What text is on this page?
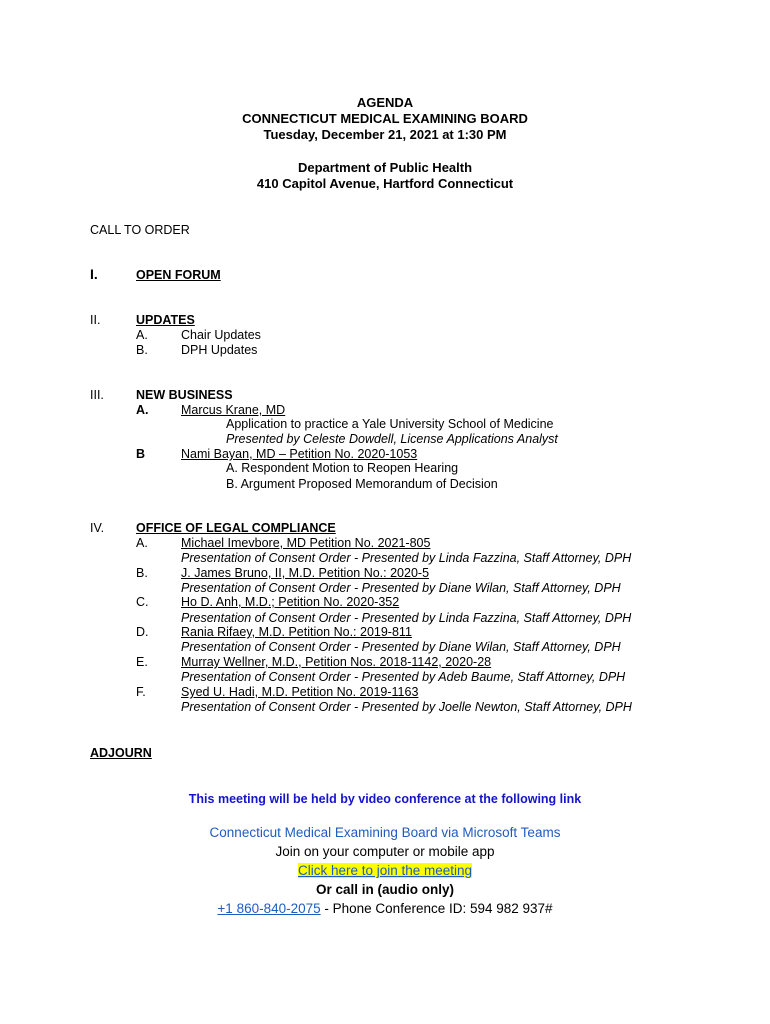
AGENDA
CONNECTICUT MEDICAL EXAMINING BOARD
Tuesday, December 21, 2021 at 1:30 PM
Department of Public Health
410 Capitol Avenue, Hartford Connecticut
CALL TO ORDER
I.	OPEN FORUM
II.	UPDATES
A.	Chair Updates
B.	DPH Updates
III.	NEW BUSINESS
A.	Marcus Krane, MD
Application to practice a Yale University School of Medicine
Presented by Celeste Dowdell, License Applications Analyst
B	Nami Bayan, MD – Petition No. 2020-1053
A. Respondent Motion to Reopen Hearing
B. Argument Proposed Memorandum of Decision
IV.	OFFICE OF LEGAL COMPLIANCE
A.	Michael Imevbore, MD Petition No. 2021-805
Presentation of Consent Order - Presented by Linda Fazzina, Staff Attorney, DPH
B.	J. James Bruno, II, M.D. Petition No.: 2020-5
Presentation of Consent Order - Presented by Diane Wilan, Staff Attorney, DPH
C.	Ho D. Anh, M.D.; Petition No. 2020-352
Presentation of Consent Order - Presented by Linda Fazzina, Staff Attorney, DPH
D.	Rania Rifaey, M.D. Petition No.: 2019-811
Presentation of Consent Order - Presented by Diane Wilan, Staff Attorney, DPH
E.	Murray Wellner, M.D., Petition Nos. 2018-1142, 2020-28
Presentation of Consent Order - Presented by Adeb Baume, Staff Attorney, DPH
F.	Syed U. Hadi, M.D. Petition No. 2019-1163
Presentation of Consent Order - Presented by Joelle Newton, Staff Attorney, DPH
ADJOURN
This meeting will be held by video conference at the following link
Connecticut Medical Examining Board via Microsoft Teams
Join on your computer or mobile app
Click here to join the meeting
Or call in (audio only)
+1 860-840-2075 - Phone Conference ID: 594 982 937#
